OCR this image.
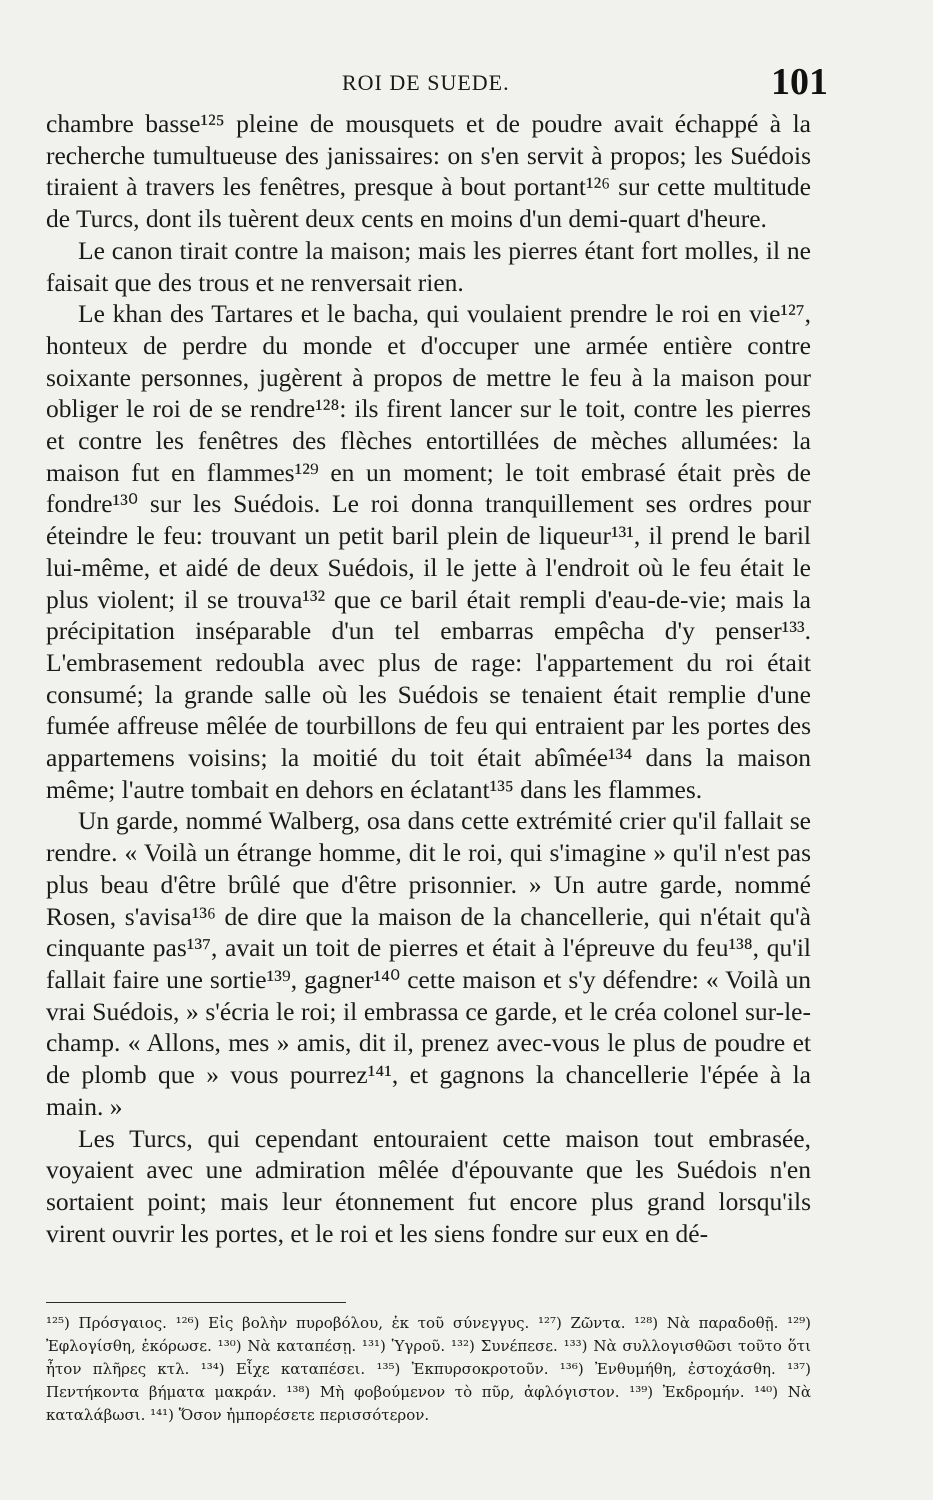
ROI DE SUEDE.	101

chambre basse¹²⁵ pleine de mousquets et de poudre avait échappé à la recherche tumultueuse des janissaires: on s'en servit à propos; les Suédois tiraient à travers les fenêtres, presque à bout portant¹²⁶ sur cette multitude de Turcs, dont ils tuèrent deux cents en moins d'un demi-quart d'heure.

Le canon tirait contre la maison; mais les pierres étant fort molles, il ne faisait que des trous et ne renversait rien.

Le khan des Tartares et le bacha, qui voulaient prendre le roi en vie¹²⁷, honteux de perdre du monde et d'occuper une armée entière contre soixante personnes, jugèrent à propos de mettre le feu à la maison pour obliger le roi de se rendre¹²⁸: ils firent lancer sur le toit, contre les pierres et contre les fenêtres des flèches entortillées de mèches allumées: la maison fut en flammes¹²⁹ en un moment; le toit embrasé était près de fondre¹³⁰ sur les Suédois. Le roi donna tranquillement ses ordres pour éteindre le feu: trouvant un petit baril plein de liqueur¹³¹, il prend le baril lui-même, et aidé de deux Suédois, il le jette à l'endroit où le feu était le plus violent; il se trouva¹³² que ce baril était rempli d'eau-de-vie; mais la précipitation inséparable d'un tel embarras empêcha d'y penser¹³³. L'embrasement redoubla avec plus de rage: l'appartement du roi était consumé; la grande salle où les Suédois se tenaient était remplie d'une fumée affreuse mêlée de tourbillons de feu qui entraient par les portes des appartemens voisins; la moitié du toit était abîmée¹³⁴ dans la maison même; l'autre tombait en dehors en éclatant¹³⁵ dans les flammes.

Un garde, nommé Walberg, osa dans cette extrémité crier qu'il fallait se rendre. « Voilà un étrange homme, dit le roi, qui s'imagine » qu'il n'est pas plus beau d'être brûlé que d'être prisonnier. » Un autre garde, nommé Rosen, s'avisa¹³⁶ de dire que la maison de la chancellerie, qui n'était qu'à cinquante pas¹³⁷, avait un toit de pierres et était à l'épreuve du feu¹³⁸, qu'il fallait faire une sortie¹³⁹, gagner¹⁴⁰ cette maison et s'y défendre: « Voilà un vrai Suédois, » s'écria le roi; il embrassa ce garde, et le créa colonel sur-le-champ. « Allons, mes » amis, dit il, prenez avec-vous le plus de poudre et de plomb que » vous pourrez¹⁴¹, et gagnons la chancellerie l'épée à la main. »

Les Turcs, qui cependant entouraient cette maison tout embrasée, voyaient avec une admiration mêlée d'épouvante que les Suédois n'en sortaient point; mais leur étonnement fut encore plus grand lorsqu'ils virent ouvrir les portes, et le roi et les siens fondre sur eux en dé-

¹²⁵) Πρόσγαιος. ¹²⁶) Εἰς βολὴν πυροβόλου, ἐκ τοῦ σύνεγγυς. ¹²⁷) Ζῶντα. ¹²⁸) Νὰ παραδοθῇ. ¹²⁹) Ἐφλογίσθη, ἐκόρωσε. ¹³⁰) Νὰ καταπέσῃ. ¹³¹) Ὑγροῦ. ¹³²) Συνέπεσε. ¹³³) Νὰ συλλογισθῶσι τοῦτο ὅτι ἦτον πλῆρες κτλ. ¹³⁴) Εἶχε καταπέσει. ¹³⁵) Ἐκπυρσοκροτοῦν. ¹³⁶) Ἐνθυμήθη, ἐστοχάσθη. ¹³⁷) Πεντήκοντα βήματα μακράν. ¹³⁸) Μὴ φοβούμενον τὸ πῦρ, ἀφλόγιστον. ¹³⁹) Ἐκδρομήν. ¹⁴⁰) Νὰ καταλάβωσι. ¹⁴¹) Ὅσον ἠμπορέσετε περισσότερον.
